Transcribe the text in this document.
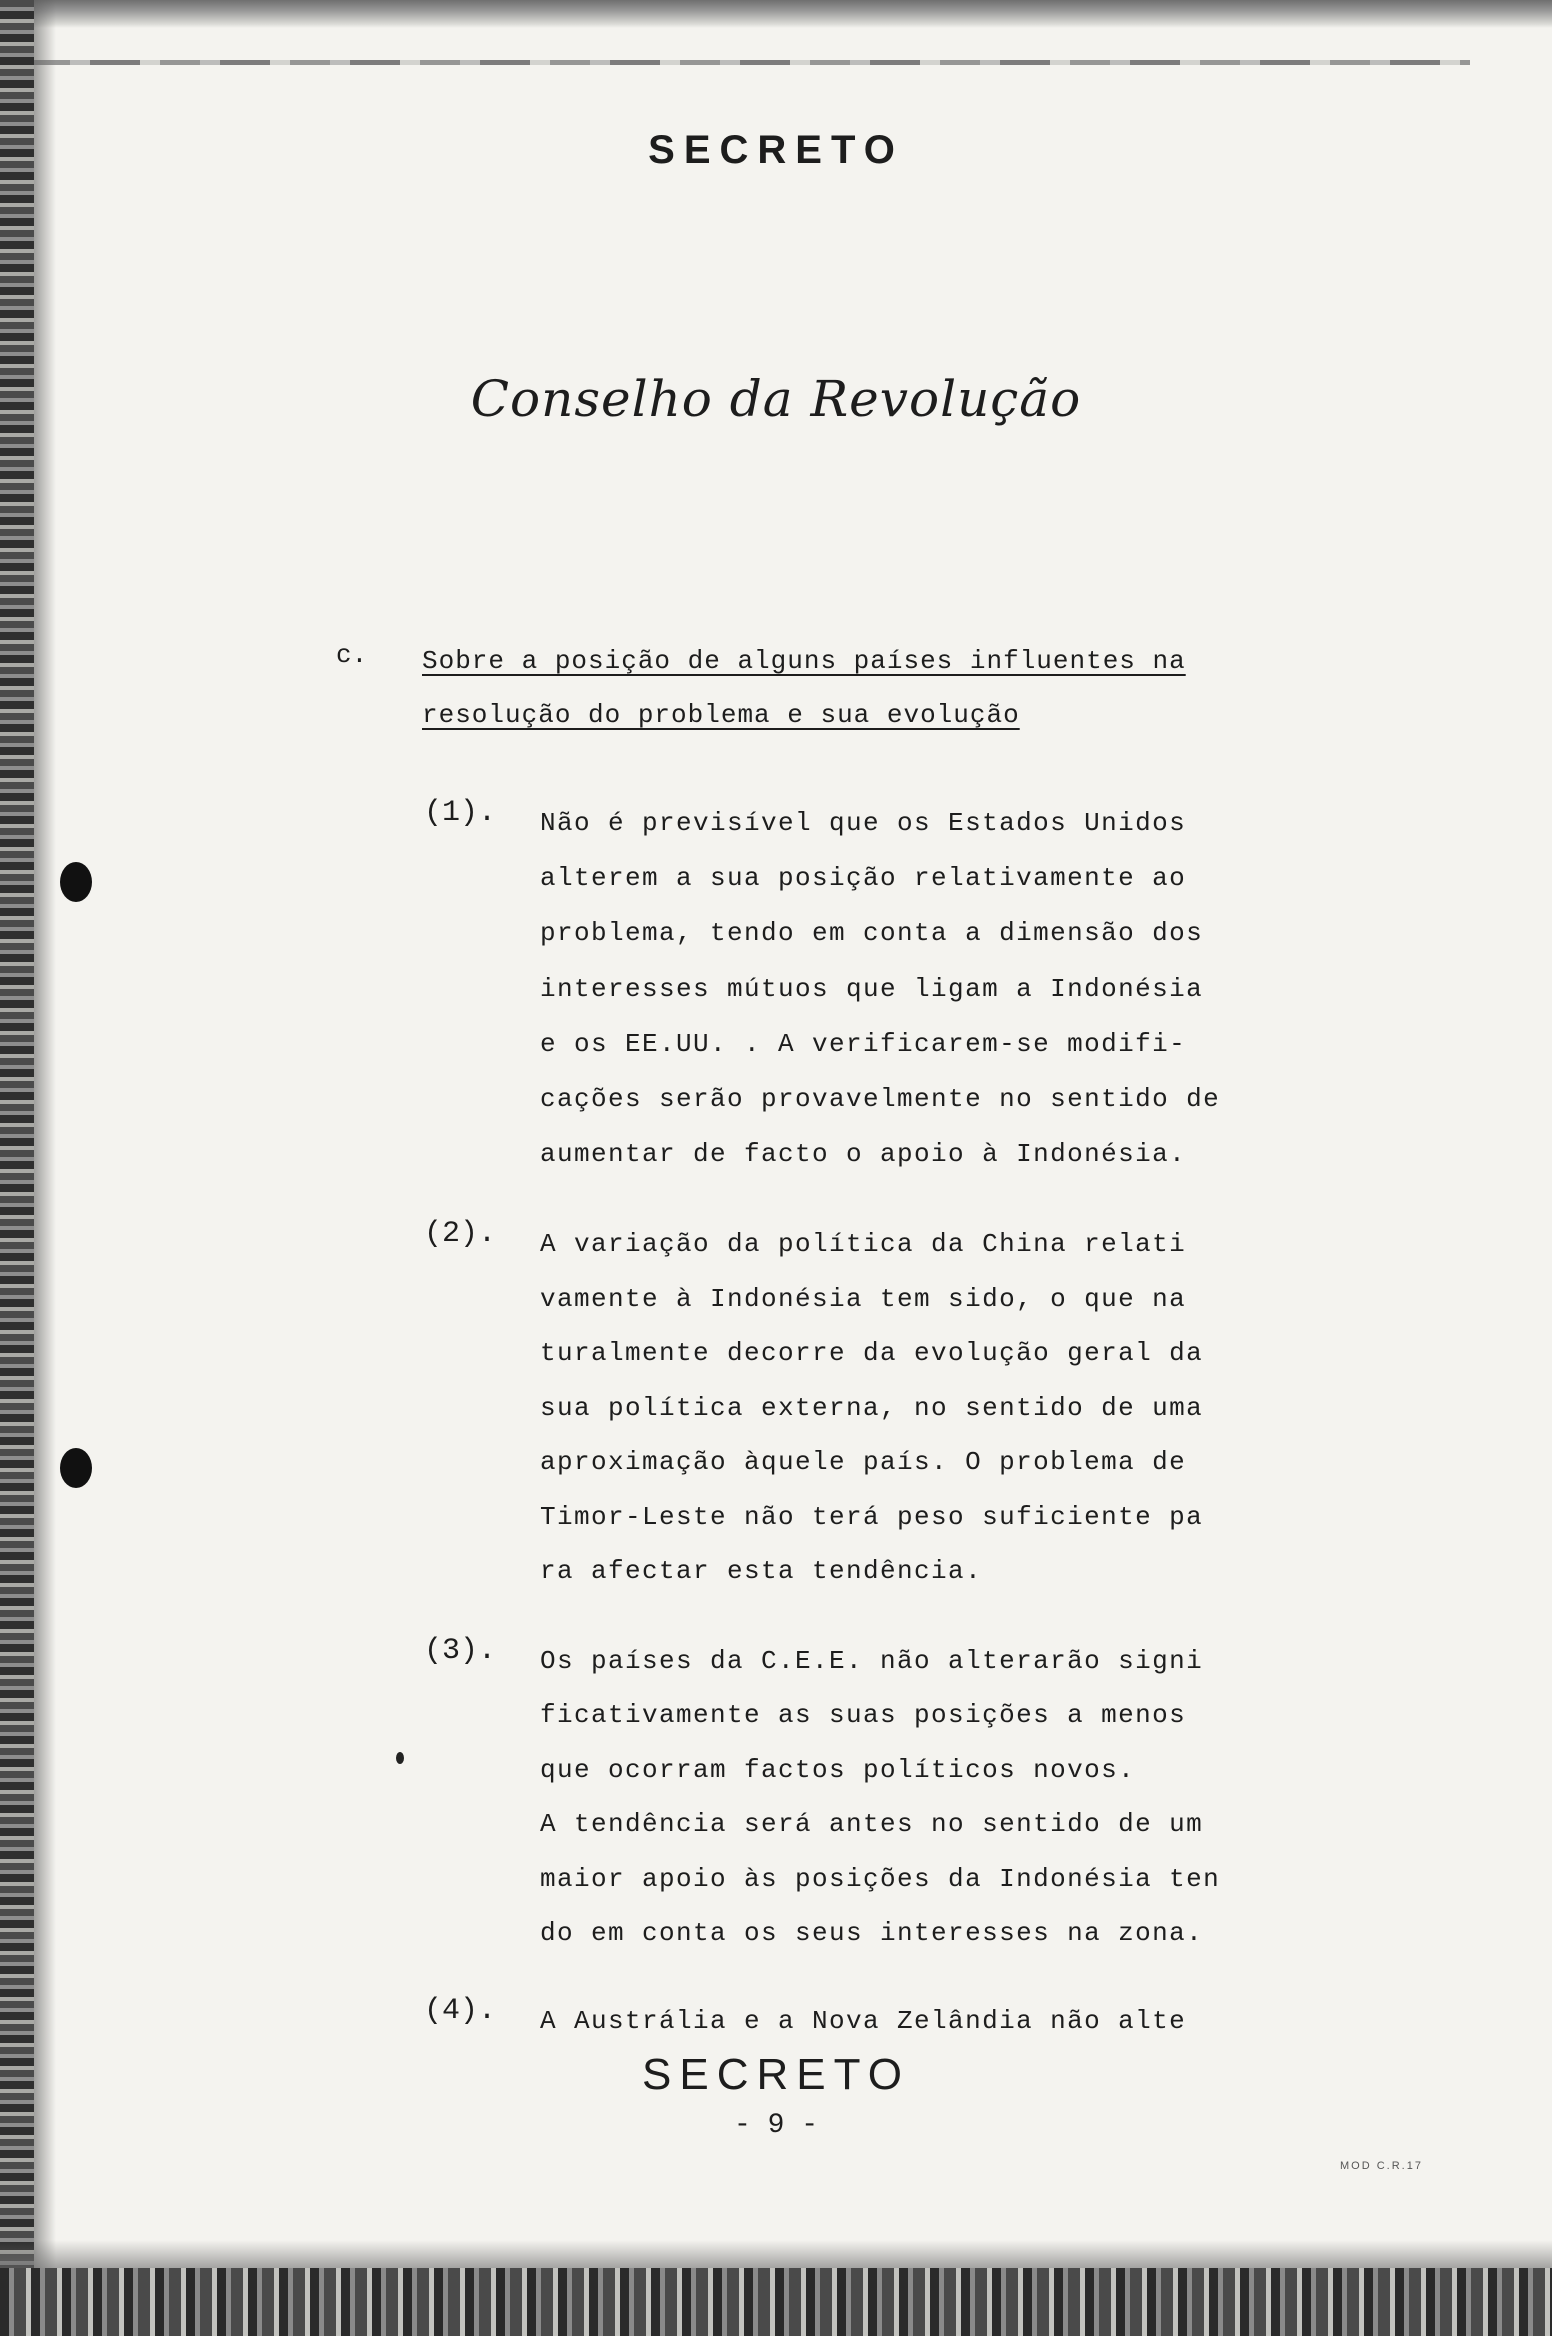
SECRETO
Conselho da Revolução
c. Sobre a posição de alguns países influentes na
resolução do problema e sua evolução
(1). Não é previsível que os Estados Unidos
alterem a sua posição relativamente ao
problema, tendo em conta a dimensão dos
interesses mútuos que ligam a Indonésia
e os EE.UU. . A verificarem-se modifi-
cações serão provavelmente no sentido de
aumentar de facto o apoio à Indonésia.
(2). A variação da política da China relati
vamente à Indonésia tem sido, o que na
turalmente decorre da evolução geral da
sua política externa, no sentido de uma
aproximação àquele país. O problema de
Timor-Leste não terá peso suficiente pa
ra afectar esta tendência.
(3). Os países da C.E.E. não alterarão signi
ficativamente as suas posições a menos
que ocorram factos políticos novos.
A tendência será antes no sentido de um
maior apoio às posições da Indonésia ten
do em conta os seus interesses na zona.
(4). A Austrália e a Nova Zelândia não alte
SECRETO
- 9 -
MOD C.R.17
